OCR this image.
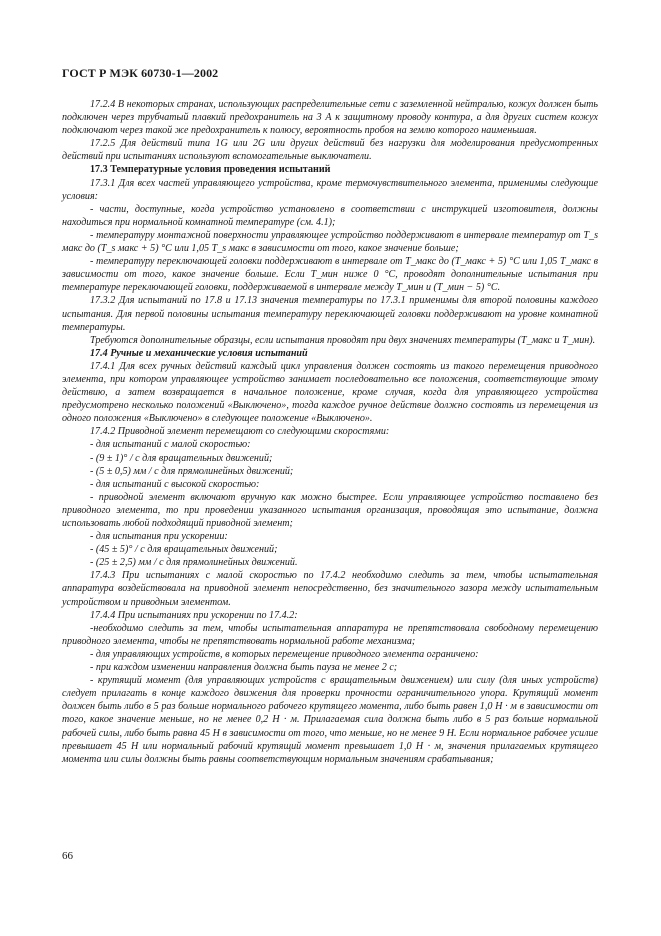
ГОСТ Р МЭК 60730-1—2002

17.2.4 В некоторых странах, использующих распределительные сети с заземленной нейтралью, кожух должен быть подключен через трубчатый плавкий предохранитель на 3 А к защитному проводу контура, а для других систем кожух подключают через такой же предохранитель к полюсу, вероятность пробоя на землю которого наименьшая.

17.2.5 Для действий типа 1G или 2G или других действий без нагрузки для моделирования предусмотренных действий при испытаниях используют вспомогательные выключатели.

17.3 Температурные условия проведения испытаний

17.3.1 Для всех частей управляющего устройства, кроме термочувствительного элемента, применимы следующие условия:

- части, доступные, когда устройство установлено в соответствии с инструкцией изготовителя, должны находиться при нормальной комнатной температуре (см. 4.1);

- температуру монтажной поверхности управляющее устройство поддерживают в интервале температур от T_s макс до (T_s макс + 5) °C или 1,05 T_s макс в зависимости от того, какое значение больше;

- температуру переключающей головки поддерживают в интервале от T_макс до (T_макс + 5) °C или 1,05 T_макс в зависимости от того, какое значение больше. Если T_мин ниже 0 °C, проводят дополнительные испытания при температуре переключающей головки, поддерживаемой в интервале между T_мин и (T_мин − 5) °C.

17.3.2 Для испытаний по 17.8 и 17.13 значения температуры по 17.3.1 применимы для второй половины каждого испытания. Для первой половины испытания температуру переключающей головки поддерживают на уровне комнатной температуры.

Требуются дополнительные образцы, если испытания проводят при двух значениях температуры (T_макс и T_мин).

17.4 Ручные и механические условия испытаний

17.4.1 Для всех ручных действий каждый цикл управления должен состоять из такого перемещения приводного элемента, при котором управляющее устройство занимает последовательно все положения, соответствующие этому действию, а затем возвращается в начальное положение, кроме случая, когда для управляющего устройства предусмотрено несколько положений «Выключено», тогда каждое ручное действие должно состоять из перемещения из одного положения «Выключено» в следующее положение «Выключено».

17.4.2 Приводной элемент перемещают со следующими скоростями:

- для испытаний с малой скоростью:

- (9 ± 1)° / с для вращательных движений;

- (5 ± 0,5) мм / с для прямолинейных движений;

- для испытаний с высокой скоростью:

- приводной элемент включают вручную как можно быстрее. Если управляющее устройство поставлено без приводного элемента, то при проведении указанного испытания организация, проводящая это испытание, должна использовать любой подходящий приводной элемент;

- для испытания при ускорении:

- (45 ± 5)° / с для вращательных движений;

- (25 ± 2,5) мм / с для прямолинейных движений.

17.4.3 При испытаниях с малой скоростью по 17.4.2 необходимо следить за тем, чтобы испытательная аппаратура воздействовала на приводной элемент непосредственно, без значительного зазора между испытательным устройством и приводным элементом.

17.4.4 При испытаниях при ускорении по 17.4.2:

-необходимо следить за тем, чтобы испытательная аппаратура не препятствовала свободному перемещению приводного элемента, чтобы не препятствовать нормальной работе механизма;

- для управляющих устройств, в которых перемещение приводного элемента ограничено:

- при каждом изменении направления должна быть пауза не менее 2 с;

- крутящий момент (для управляющих устройств с вращательным движением) или силу (для иных устройств) следует прилагать в конце каждого движения для проверки прочности ограничительного упора. Крутящий момент должен быть либо в 5 раз больше нормального рабочего крутящего момента, либо быть равен 1,0 Н · м в зависимости от того, какое значение меньше, но не менее 0,2 Н · м. Прилагаемая сила должна быть либо в 5 раз больше нормальной рабочей силы, либо быть равна 45 Н в зависимости от того, что меньше, но не менее 9 Н. Если нормальное рабочее усилие превышает 45 Н или нормальный рабочий крутящий момент превышает 1,0 Н · м, значения прилагаемых крутящего момента или силы должны быть равны соответствующим нормальным значениям срабатывания;

66
